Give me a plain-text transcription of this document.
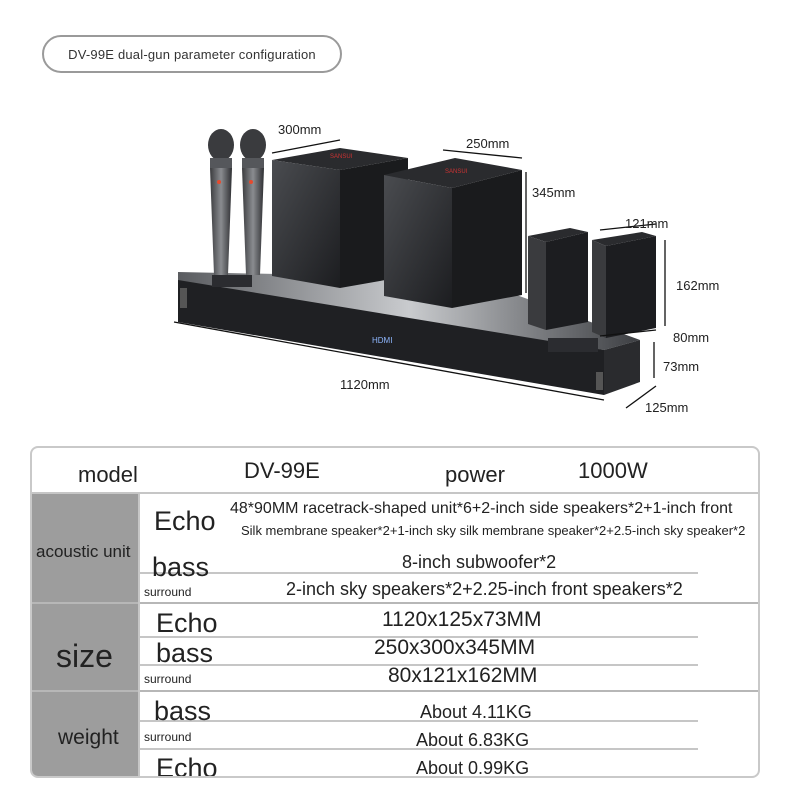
DV-99E dual-gun parameter configuration
HDMI
SANSUI
SANSUI
300mm
250mm
345mm
121mm
162mm
80mm
73mm
1120mm
125mm
model	DV-99E	power	1000W
acoustic unit
Echo 48*90MM racetrack-shaped unit*6+2-inch side speakers*2+1-inch front
Silk membrane speaker*2+1-inch sky silk membrane speaker*2+2.5-inch sky speaker*2
bass	8-inch subwoofer*2
surround	2-inch sky speakers*2+2.25-inch front speakers*2
size
Echo	1120x125x73MM
bass	250x300x345MM
surround	80x121x162MM
weight
bass	About 4.11KG
surround	About 6.83KG
Echo	About 0.99KG
